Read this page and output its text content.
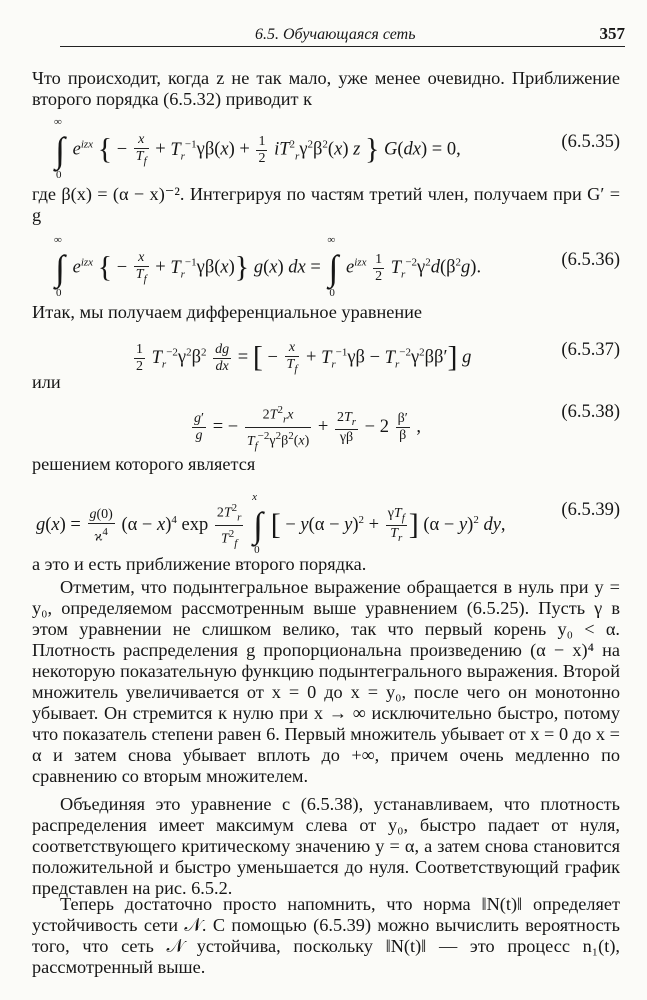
6.5. Обучающаяся сеть	357
Что происходит, когда z не так мало, уже менее очевидно. Приближение второго порядка (6.5.32) приводит к
∫
∞
0
$e^{izx}$ { − $\frac{x}{T_f} + T_r^{-1}\gamma\beta(x) + \frac{1}{2} iT^2_r\gamma^2\beta^2(x)$ z } G(dx) = 0,	(6.5.35)
где β(x) = (α − x)⁻². Интегрируя по частям третий член, получаем при G′ = g
∫
∞
0
$e^{izx}$ { − $\frac{x}{T_f} + T_r^{-1}\gamma\beta(x)$} g(x) dx = ∫
∞
0
$e^{izx} \frac{1}{2} T_r^{-2}\gamma^2d(\beta^2g)$.	(6.5.36)
Итак, мы получаем дифференциальное уравнение
$\frac{1}{2} T_r^{-2}\gamma^2\beta^2 \frac{dg}{dx}$ = [ − $\frac{x}{T_f} + T_r^{-1}\gamma\beta - T_r^{-2}\gamma^2\beta\beta'$] g	(6.5.37)
или
$\frac{g'}{g}$ = − $\frac{2T^2_rx}{T_f^{-2}\gamma^2\beta^2(x)} + \frac{2T_r}{\gamma\beta} - 2 \frac{\beta'}{\beta}$ ,
(6.5.38)
решением которого является
$g(x) = \frac{g(0)}{ϰ^4} (\alpha - x)^4$ $\exp \frac{2T^2_r}{T^2_f}$ ∫
x
0
[ − $y(\alpha - y)^2 + \frac{\gamma T_f}{T_r}$ ] $(\alpha - y)^2$ dy,
(6.5.39)
а это и есть приближение второго порядка.
Отметим, что подынтегральное выражение обращается в нуль при y = y₀, определяемом рассмотренным выше уравнением (6.5.25). Пусть γ в этом уравнении не слишком велико, так что первый корень y₀ < α. Плотность распределения g пропорциональна произведению (α − x)⁴ на некоторую показательную функцию подынтегрального выражения. Второй множитель увеличивается от x = 0 до x = y₀, после чего он монотонно убывает. Он стремится к нулю при x → ∞ исключительно быстро, потому что показатель степени равен 6. Первый множитель убывает от x = 0 до x = α и затем снова убывает вплоть до +∞, причем очень медленно по сравнению со вторым множителем.
Объединяя это уравнение с (6.5.38), устанавливаем, что плотность распределения имеет максимум слева от y₀, быстро падает от нуля, соответствующего критическому значению y = α, а затем снова становится положительной и быстро уменьшается до нуля. Соответствующий график представлен на рис. 6.5.2.
Теперь достаточно просто напомнить, что норма ‖N(t)‖ определяет устойчивость сети 𝒩. С помощью (6.5.39) можно вычислить вероятность того, что сеть 𝒩 устойчива, поскольку ‖N(t)‖ — это процесс n₁(t), рассмотренный выше.
